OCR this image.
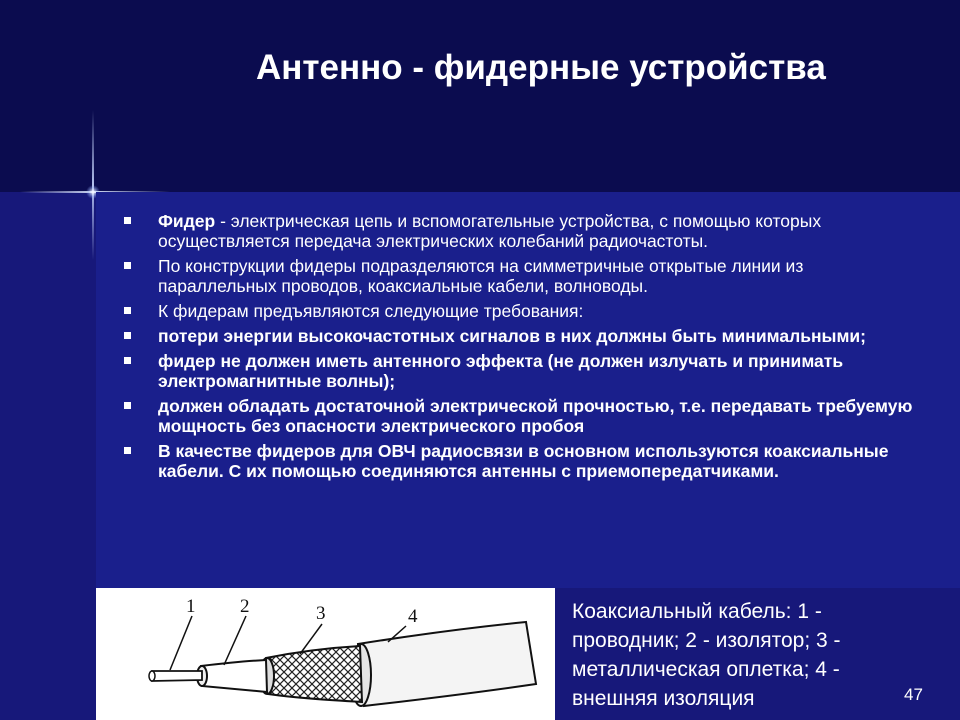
Антенно - фидерные устройства
Фидер - электрическая цепь и вспомогательные устройства, с помощью которых осуществляется передача электрических колебаний радиочастоты.
По конструкции фидеры подразделяются на симметричные открытые линии из параллельных проводов, коаксиальные кабели, волноводы.
К фидерам предъявляются следующие требования:
потери энергии высокочастотных сигналов в них должны быть минимальными;
фидер не должен иметь антенного эффекта (не должен излучать и принимать электромагнитные волны);
должен обладать достаточной электрической прочностью, т.е. передавать требуемую мощность без опасности электрического пробоя
В качестве фидеров для ОВЧ радиосвязи в основном используются коаксиальные кабели. С их помощью соединяются антенны с приемопередатчиками.
1 2	3	4	Коаксиальный кабель: 1 - проводник; 2 - изолятор; 3 - металлическая оплетка; 4 - внешняя изоляция	47
